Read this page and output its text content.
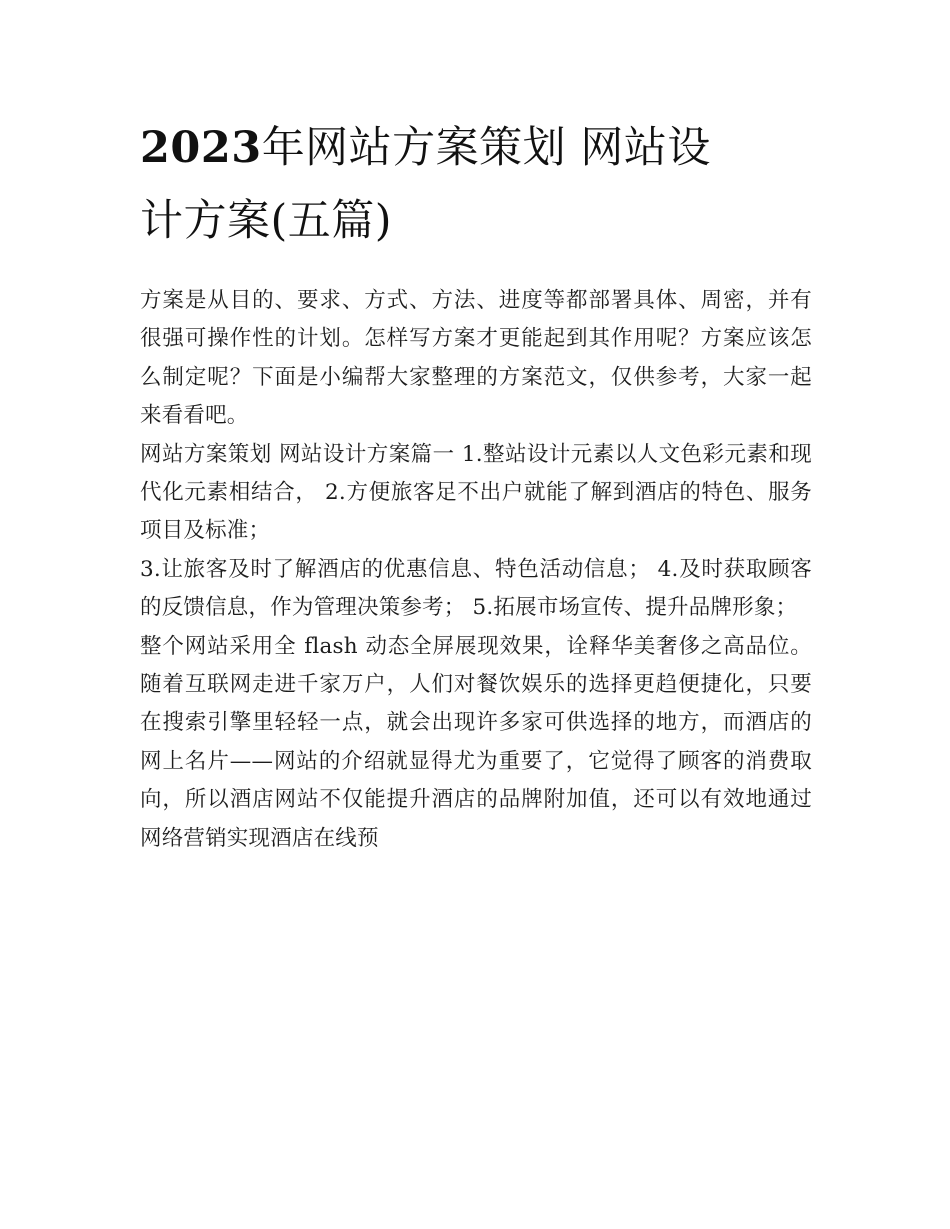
2023年网站方案策划 网站设
计方案(五篇)

方案是从目的、要求、方式、方法、进度等都部署具体、周密，并有很强可操作性的计划。怎样写方案才更能起到其作用呢？方案应该怎么制定呢？下面是小编帮大家整理的方案范文，仅供参考，大家一起来看看吧。

网站方案策划 网站设计方案篇一 1.整站设计元素以人文色彩元素和现代化元素相结合， 2.方便旅客足不出户就能了解到酒店的特色、服务项目及标准；

3.让旅客及时了解酒店的优惠信息、特色活动信息； 4.及时获取顾客的反馈信息，作为管理决策参考； 5.拓展市场宣传、提升品牌形象；

整个网站采用全 flash 动态全屏展现效果，诠释华美奢侈之高品位。随着互联网走进千家万户，人们对餐饮娱乐的选择更趋便捷化，只要在搜索引擎里轻轻一点，就会出现许多家可供选择的地方，而酒店的网上名片——网站的介绍就显得尤为重要了，它觉得了顾客的消费取向，所以酒店网站不仅能提升酒店的品牌附加值，还可以有效地通过网络营销实现酒店在线预
